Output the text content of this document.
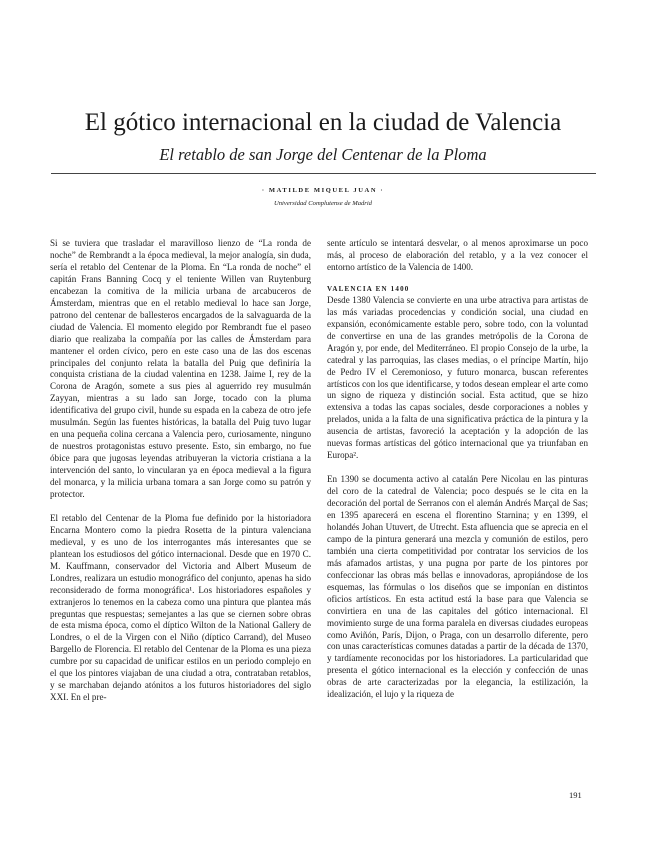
El gótico internacional en la ciudad de Valencia
El retablo de san Jorge del Centenar de la Ploma
· MATILDE MIQUEL JUAN ·
Universidad Complutense de Madrid

Si se tuviera que trasladar el maravilloso lienzo de “La ronda de noche” de Rembrandt a la época medieval, la mejor analogía, sin duda, sería el retablo del Centenar de la Ploma. En “La ronda de noche” el capitán Frans Banning Cocq y el teniente Willen van Ruytenburg encabezan la comitiva de la milicia urbana de arcabuceros de Ámsterdam, mientras que en el retablo medieval lo hace san Jorge, patrono del centenar de ballesteros encargados de la salvaguarda de la ciudad de Valencia. El momento elegido por Rembrandt fue el paseo diario que realizaba la compañía por las calles de Ámsterdam para mantener el orden cívico, pero en este caso una de las dos escenas principales del conjunto relata la batalla del Puig que definiría la conquista cristiana de la ciudad valentina en 1238. Jaime I, rey de la Corona de Aragón, somete a sus pies al aguerrido rey musulmán Zayyan, mientras a su lado san Jorge, tocado con la pluma identificativa del grupo civil, hunde su espada en la cabeza de otro jefe musulmán. Según las fuentes históricas, la batalla del Puig tuvo lugar en una pequeña colina cercana a Valencia pero, curiosamente, ninguno de nuestros protagonistas estuvo presente. Esto, sin embargo, no fue óbice para que jugosas leyendas atribuyeran la victoria cristiana a la intervención del santo, lo vincularan ya en época medieval a la figura del monarca, y la milicia urbana tomara a san Jorge como su patrón y protector.

El retablo del Centenar de la Ploma fue definido por la historiadora Encarna Montero como la piedra Rosetta de la pintura valenciana medieval, y es uno de los interrogantes más interesantes que se plantean los estudiosos del gótico internacional. Desde que en 1970 C. M. Kauffmann, conservador del Victoria and Albert Museum de Londres, realizara un estudio monográfico del conjunto, apenas ha sido reconsiderado de forma monográfica¹. Los historiadores españoles y extranjeros lo tenemos en la cabeza como una pintura que plantea más preguntas que respuestas; semejantes a las que se ciernen sobre obras de esta misma época, como el díptico Wilton de la National Gallery de Londres, o el de la Virgen con el Niño (díptico Carrand), del Museo Bargello de Florencia. El retablo del Centenar de la Ploma es una pieza cumbre por su capacidad de unificar estilos en un periodo complejo en el que los pintores viajaban de una ciudad a otra, contrataban retablos, y se marchaban dejando atónitos a los futuros historiadores del siglo XXI. En el pre-

sente artículo se intentará desvelar, o al menos aproximarse un poco más, al proceso de elaboración del retablo, y a la vez conocer el entorno artístico de la Valencia de 1400.

VALENCIA EN 1400

Desde 1380 Valencia se convierte en una urbe atractiva para artistas de las más variadas procedencias y condición social, una ciudad en expansión, económicamente estable pero, sobre todo, con la voluntad de convertirse en una de las grandes metrópolis de la Corona de Aragón y, por ende, del Mediterráneo. El propio Consejo de la urbe, la catedral y las parroquias, las clases medias, o el príncipe Martín, hijo de Pedro IV el Ceremonioso, y futuro monarca, buscan referentes artísticos con los que identificarse, y todos desean emplear el arte como un signo de riqueza y distinción social. Esta actitud, que se hizo extensiva a todas las capas sociales, desde corporaciones a nobles y prelados, unida a la falta de una significativa práctica de la pintura y la ausencia de artistas, favoreció la aceptación y la adopción de las nuevas formas artísticas del gótico internacional que ya triunfaban en Europa².

En 1390 se documenta activo al catalán Pere Nicolau en las pinturas del coro de la catedral de Valencia; poco después se le cita en la decoración del portal de Serranos con el alemán Andrés Marçal de Sas; en 1395 aparecerá en escena el florentino Starnina; y en 1399, el holandés Johan Utuvert, de Utrecht. Esta afluencia que se aprecia en el campo de la pintura generará una mezcla y comunión de estilos, pero también una cierta competitividad por contratar los servicios de los más afamados artistas, y una pugna por parte de los pintores por confeccionar las obras más bellas e innovadoras, apropiándose de los esquemas, las fórmulas o los diseños que se imponían en distintos oficios artísticos. En esta actitud está la base para que Valencia se convirtiera en una de las capitales del gótico internacional. El movimiento surge de una forma paralela en diversas ciudades europeas como Aviñón, París, Dijon, o Praga, con un desarrollo diferente, pero con unas características comunes datadas a partir de la década de 1370, y tardíamente reconocidas por los historiadores. La particularidad que presenta el gótico internacional es la elección y confección de unas obras de arte caracterizadas por la elegancia, la estilización, la idealización, el lujo y la riqueza de

191
